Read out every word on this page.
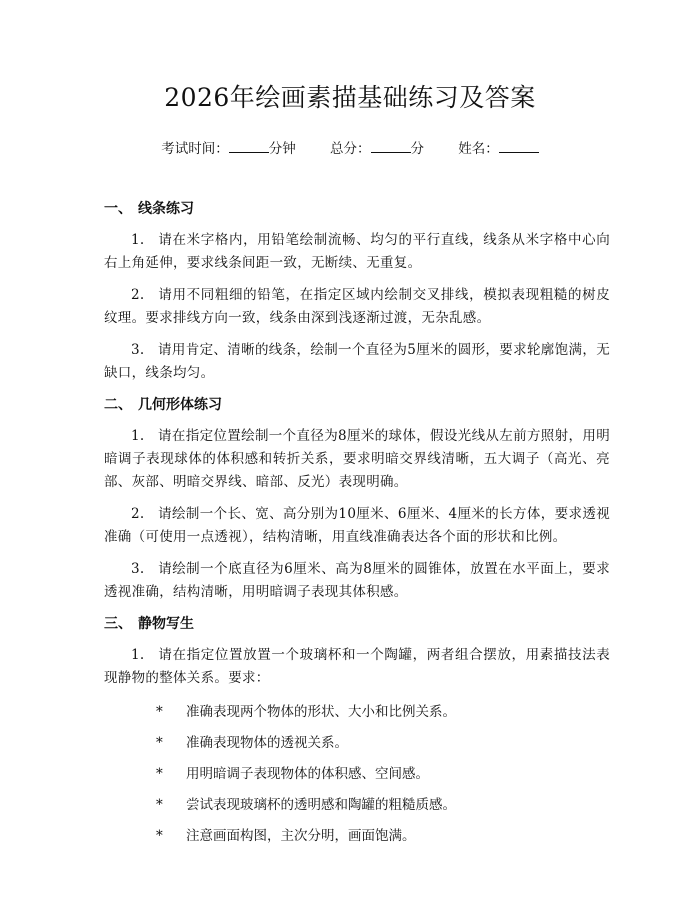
2026年绘画素描基础练习及答案
考试时间：	分钟	总分：	分	姓名：
一、 线条练习

1. 请在米字格内，用铅笔绘制流畅、均匀的平行直线，线条从米字格中心向右上角延伸，要求线条间距一致，无断续、无重复。

2. 请用不同粗细的铅笔，在指定区域内绘制交叉排线，模拟表现粗糙的树皮纹理。要求排线方向一致，线条由深到浅逐渐过渡，无杂乱感。

3. 请用肯定、清晰的线条，绘制一个直径为5厘米的圆形，要求轮廓饱满，无缺口，线条均匀。

二、 几何形体练习

1. 请在指定位置绘制一个直径为8厘米的球体，假设光线从左前方照射，用明暗调子表现球体的体积感和转折关系，要求明暗交界线清晰，五大调子（高光、亮部、灰部、明暗交界线、暗部、反光）表现明确。

2. 请绘制一个长、宽、高分别为10厘米、6厘米、4厘米的长方体，要求透视准确（可使用一点透视），结构清晰，用直线准确表达各个面的形状和比例。

3. 请绘制一个底直径为6厘米、高为8厘米的圆锥体，放置在水平面上，要求透视准确，结构清晰，用明暗调子表现其体积感。

三、 静物写生

1. 请在指定位置放置一个玻璃杯和一个陶罐，两者组合摆放，用素描技法表现静物的整体关系。要求：

* 准确表现两个物体的形状、大小和比例关系。
* 准确表现物体的透视关系。
* 用明暗调子表现物体的体积感、空间感。
* 尝试表现玻璃杯的透明感和陶罐的粗糙质感。
* 注意画面构图，主次分明，画面饱满。
